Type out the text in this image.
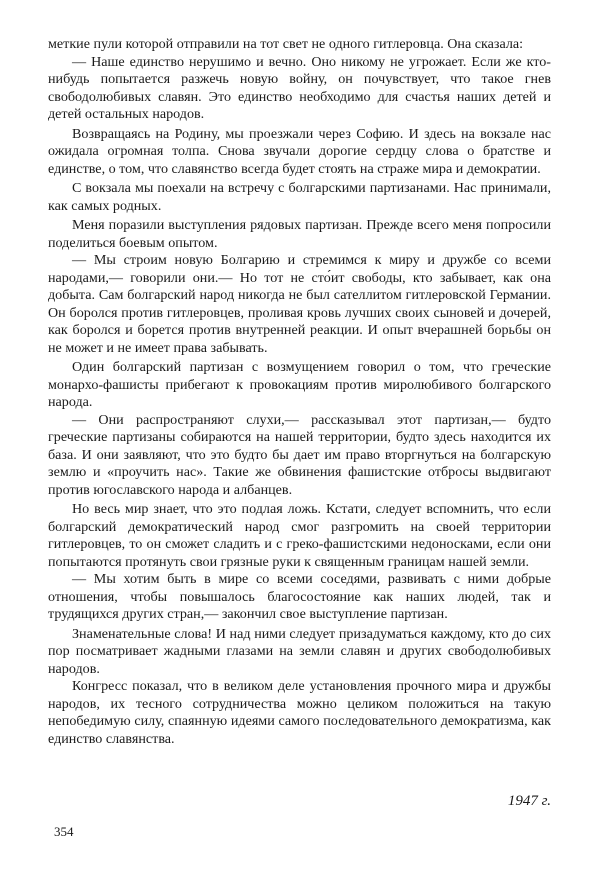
меткие пули которой отправили на тот свет не одного гитлеровца. Она сказала:

— Наше единство нерушимо и вечно. Оно никому не угрожает. Если же кто-нибудь попытается разжечь новую войну, он почувствует, что такое гнев свободолюбивых славян. Это единство необходимо для счастья наших детей и детей остальных народов.

Возвращаясь на Родину, мы проезжали через Софию. И здесь на вокзале нас ожидала огромная толпа. Снова звучали дорогие сердцу слова о братстве и единстве, о том, что славянство всегда будет стоять на страже мира и демократии.

С вокзала мы поехали на встречу с болгарскими партизанами. Нас принимали, как самых родных.

Меня поразили выступления рядовых партизан. Прежде всего меня попросили поделиться боевым опытом.

— Мы строим новую Болгарию и стремимся к миру и дружбе со всеми народами,— говорили они.— Но тот не сто́ит свободы, кто забывает, как она добыта. Сам болгарский народ никогда не был сателлитом гитлеровской Германии. Он боролся против гитлеровцев, проливая кровь лучших своих сыновей и дочерей, как боролся и борется против внутренней реакции. И опыт вчерашней борьбы он не может и не имеет права забывать.

Один болгарский партизан с возмущением говорил о том, что греческие монархо-фашисты прибегают к провокациям против миролюбивого болгарского народа.

— Они распространяют слухи,— рассказывал этот партизан,— будто греческие партизаны собираются на нашей территории, будто здесь находится их база. И они заявляют, что это будто бы дает им право вторгнуться на болгарскую землю и «проучить нас». Такие же обвинения фашистские отбросы выдвигают против югославского народа и албанцев.

Но весь мир знает, что это подлая ложь. Кстати, следует вспомнить, что если болгарский демократический народ смог разгромить на своей территории гитлеровцев, то он сможет сладить и с греко-фашистскими недоносками, если они попытаются протянуть свои грязные руки к священным границам нашей земли.

— Мы хотим быть в мире со всеми соседями, развивать с ними добрые отношения, чтобы повышалось благосостояние как наших людей, так и трудящихся других стран,— закончил свое выступление партизан.

Знаменательные слова! И над ними следует призадуматься каждому, кто до сих пор посматривает жадными глазами на земли славян и других свободолюбивых народов.

Конгресс показал, что в великом деле установления прочного мира и дружбы народов, их тесного сотрудничества можно целиком положиться на такую непобедимую силу, спаянную идеями самого последовательного демократизма, как единство славянства.

1947 г.
354
